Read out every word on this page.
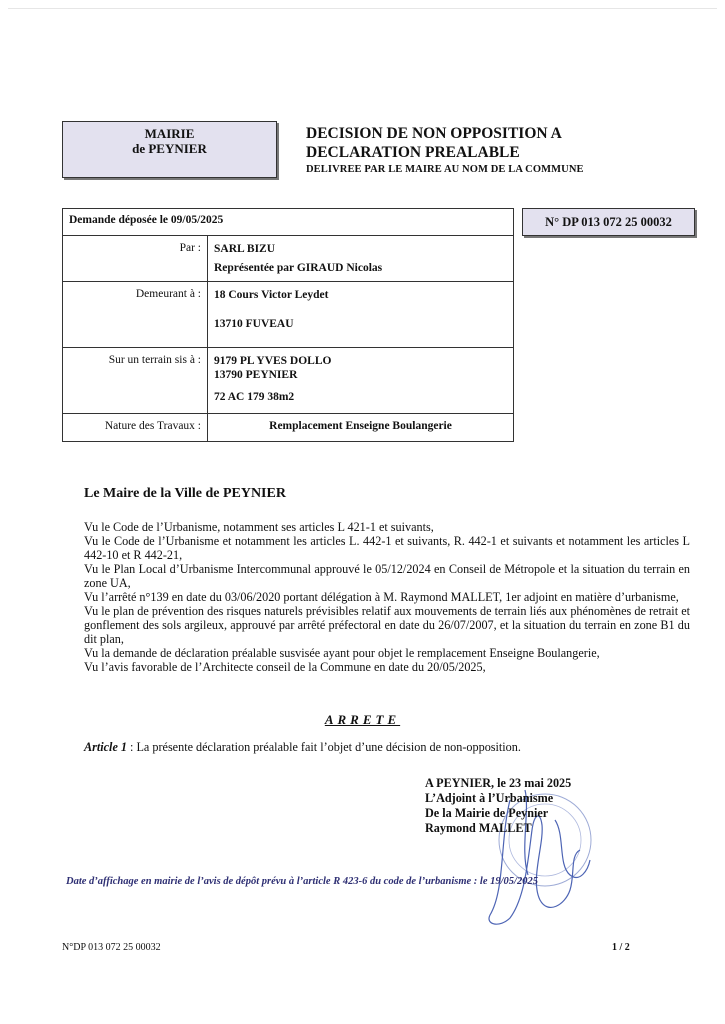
MAIRIE
de PEYNIER
DECISION DE NON OPPOSITION A
DECLARATION PREALABLE
DELIVREE PAR LE MAIRE AU NOM DE LA COMMUNE
Demande déposée le 09/05/2025	
Par :	SARL BIZU
Représentée par GIRAUD Nicolas

Demeurant à :	18 Cours Victor Leydet
13710 FUVEAU

Sur un terrain sis à :	9179 PL YVES DOLLO
13790 PEYNIER
72 AC 179 38m2

Nature des Travaux :	Remplacement Enseigne Boulangerie
N° DP 013 072 25 00032
Le Maire de la Ville de PEYNIER
Vu le Code de l’Urbanisme, notamment ses articles L 421-1 et suivants,
Vu le Code de l’Urbanisme et notamment les articles L. 442-1 et suivants, R. 442-1 et suivants et notamment les articles L 442-10 et R 442-21,
Vu le Plan Local d’Urbanisme Intercommunal approuvé le 05/12/2024 en Conseil de Métropole et la situation du terrain en zone UA,
Vu l’arrêté n°139 en date du 03/06/2020 portant délégation à M. Raymond MALLET, 1er adjoint en matière d’urbanisme,
Vu le plan de prévention des risques naturels prévisibles relatif aux mouvements de terrain liés aux phénomènes de retrait et gonflement des sols argileux, approuvé par arrêté préfectoral en date du 26/07/2007, et la situation du terrain en zone B1 du dit plan,
Vu la demande de déclaration préalable susvisée ayant pour objet le remplacement Enseigne Boulangerie,
Vu l’avis favorable de l’Architecte conseil de la Commune en date du 20/05/2025,
ARRETE
Article 1 : La présente déclaration préalable fait l’objet d’une décision de non-opposition.
A PEYNIER, le 23 mai 2025
L’Adjoint à l’Urbanisme
De la Mairie de Peynier
Raymond MALLET
Date d’affichage en mairie de l’avis de dépôt prévu à l’article R 423-6 du code de l’urbanisme : le 19/05/2025
N°DP 013 072 25 00032	1 / 2
